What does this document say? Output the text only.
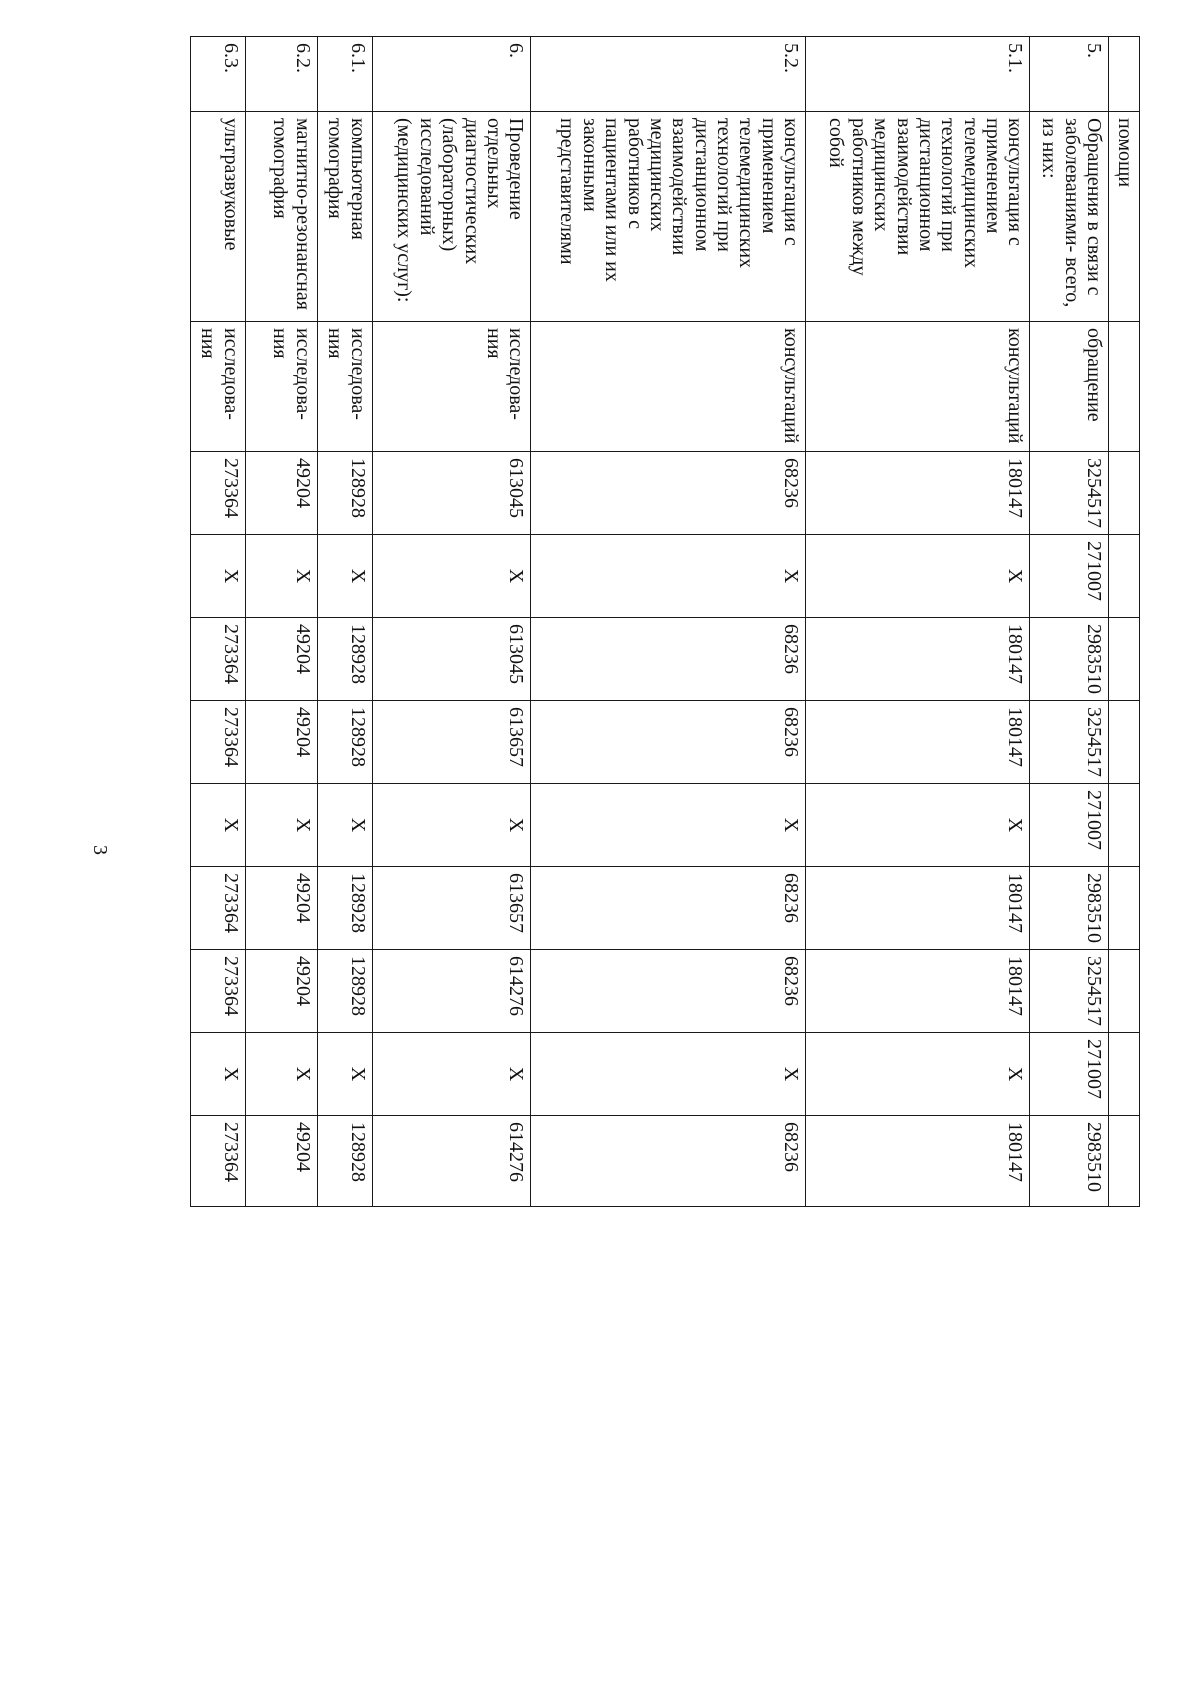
3
	помощи										
5.	Обращения в связи с заболеваниями- всего, из них:	обращение	3254517	271007	2983510	3254517	271007	2983510	3254517	271007	2983510
5.1.	консультация с применением телемедицинских технологий при дистанционном взаимодействии медицинских работников между собой	консультаций	180147	Х	180147	180147	Х	180147	180147	Х	180147
5.2.	консультация с применением телемедицинских технологий при дистанционном взаимодействии медицинских работников с пациентами или их законными представителями	консультаций	68236	Х	68236	68236	Х	68236	68236	Х	68236
6.	Проведение отдельных диагностических (лабораторных) исследований (медицинских услуг):	исследова-ния	613045	Х	613045	613657	Х	613657	614276	Х	614276
6.1.	компьютерная томография	исследова-ния	128928	Х	128928	128928	Х	128928	128928	Х	128928
6.2.	магнитно-резонансная томография	исследова-ния	49204	Х	49204	49204	Х	49204	49204	Х	49204
6.3.	ультразвуковые	исследова-ния	273364	Х	273364	273364	Х	273364	273364	Х	273364
